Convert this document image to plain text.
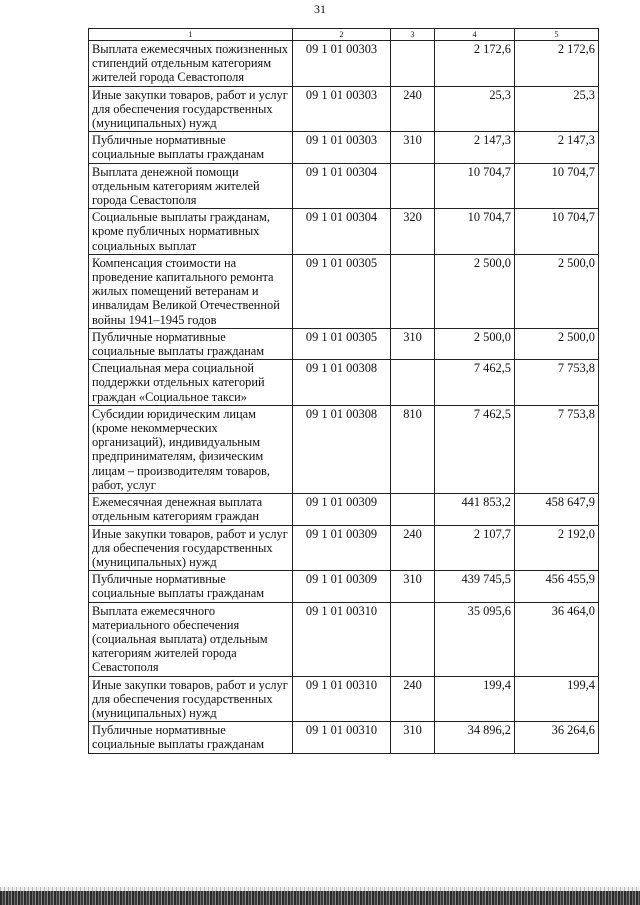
31
1	2	3	4	5
Выплата ежемесячных пожизненных стипендий отдельным категориям жителей города Севастополя	09 1 01 00303		2 172,6	2 172,6
Иные закупки товаров, работ и услуг для обеспечения государственных (муниципальных) нужд	09 1 01 00303	240	25,3	25,3
Публичные нормативные социальные выплаты гражданам	09 1 01 00303	310	2 147,3	2 147,3
Выплата денежной помощи отдельным категориям жителей города Севастополя	09 1 01 00304		10 704,7	10 704,7
Социальные выплаты гражданам, кроме публичных нормативных социальных выплат	09 1 01 00304	320	10 704,7	10 704,7
Компенсация стоимости на проведение капитального ремонта жилых помещений ветеранам и инвалидам Великой Отечественной войны 1941–1945 годов	09 1 01 00305		2 500,0	2 500,0
Публичные нормативные социальные выплаты гражданам	09 1 01 00305	310	2 500,0	2 500,0
Специальная мера социальной поддержки отдельных категорий граждан «Социальное такси»	09 1 01 00308		7 462,5	7 753,8
Субсидии юридическим лицам (кроме некоммерческих организаций), индивидуальным предпринимателям, физическим лицам – производителям товаров, работ, услуг	09 1 01 00308	810	7 462,5	7 753,8
Ежемесячная денежная выплата отдельным категориям граждан	09 1 01 00309		441 853,2	458 647,9
Иные закупки товаров, работ и услуг для обеспечения государственных (муниципальных) нужд	09 1 01 00309	240	2 107,7	2 192,0
Публичные нормативные социальные выплаты гражданам	09 1 01 00309	310	439 745,5	456 455,9
Выплата ежемесячного материального обеспечения (социальная выплата) отдельным категориям жителей города Севастополя	09 1 01 00310		35 095,6	36 464,0
Иные закупки товаров, работ и услуг для обеспечения государственных (муниципальных) нужд	09 1 01 00310	240	199,4	199,4
Публичные нормативные социальные выплаты гражданам	09 1 01 00310	310	34 896,2	36 264,6
